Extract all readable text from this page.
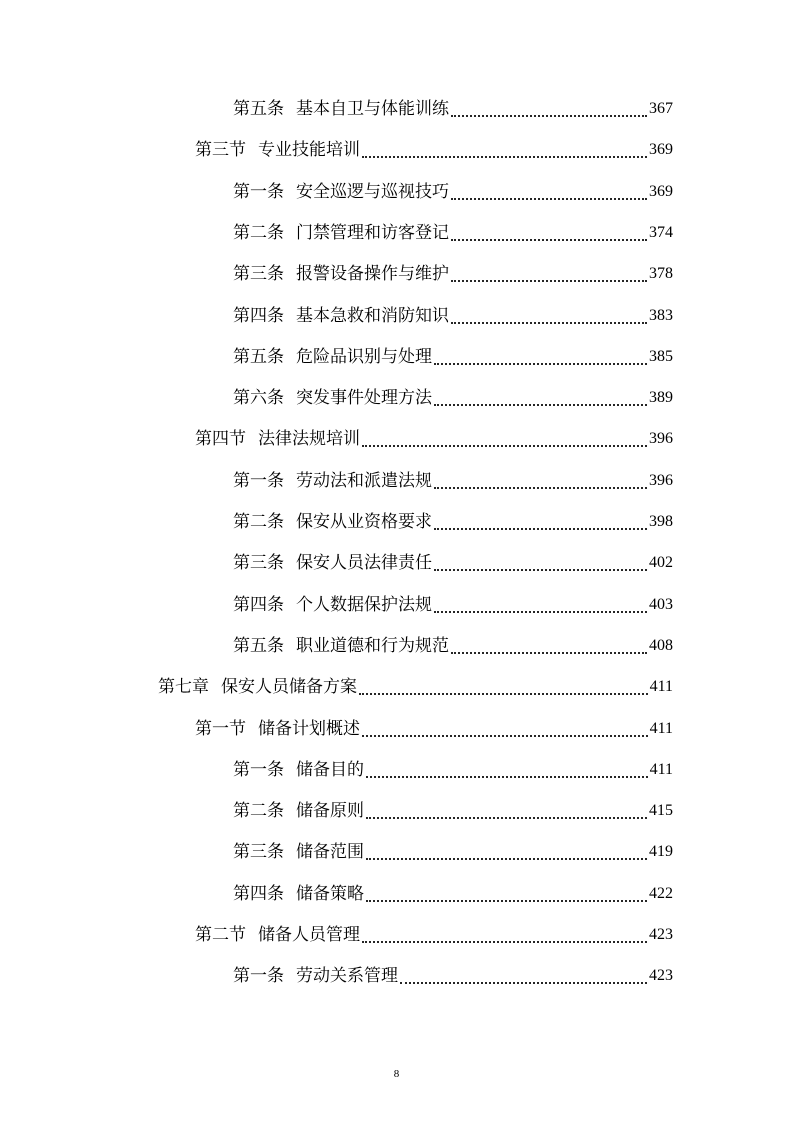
第五条 基本自卫与体能训练	367
第三节 专业技能培训	369
第一条 安全巡逻与巡视技巧	369
第二条 门禁管理和访客登记	374
第三条 报警设备操作与维护	378
第四条 基本急救和消防知识	383
第五条 危险品识别与处理	385
第六条 突发事件处理方法	389
第四节 法律法规培训	396
第一条 劳动法和派遣法规	396
第二条 保安从业资格要求	398
第三条 保安人员法律责任	402
第四条 个人数据保护法规	403
第五条 职业道德和行为规范	408
第七章 保安人员储备方案	411
第一节 储备计划概述	411
第一条 储备目的	411
第二条 储备原则	415
第三条 储备范围	419
第四条 储备策略	422
第二节 储备人员管理	423
第一条 劳动关系管理	423
8
